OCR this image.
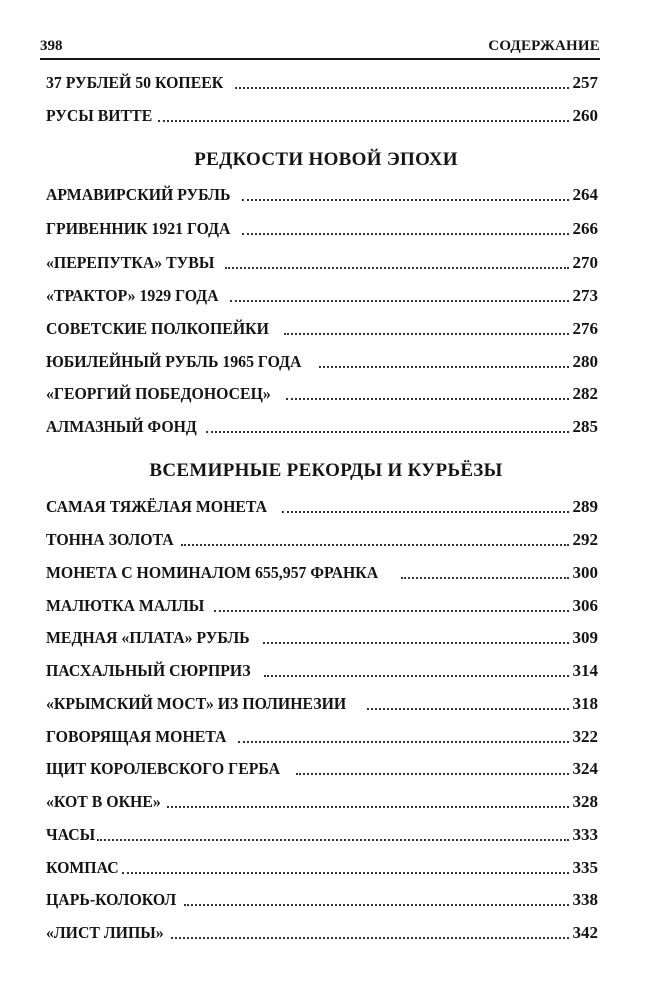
398	СОДЕРЖАНИЕ
37 РУБЛЕЙ 50 КОПЕЕК	257
РУСЫ ВИТТЕ	260
РЕДКОСТИ НОВОЙ ЭПОХИ
АРМАВИРСКИЙ РУБЛЬ	264
ГРИВЕННИК 1921 ГОДА	266
«ПЕРЕПУТКА» ТУВЫ	270
«ТРАКТОР» 1929 ГОДА	273
СОВЕТСКИЕ ПОЛКОПЕЙКИ	276
ЮБИЛЕЙНЫЙ РУБЛЬ 1965 ГОДА	280
«ГЕОРГИЙ ПОБЕДОНОСЕЦ»	282
АЛМАЗНЫЙ ФОНД	285
ВСЕМИРНЫЕ РЕКОРДЫ И КУРЬЁЗЫ
САМАЯ ТЯЖЁЛАЯ МОНЕТА	289
ТОННА ЗОЛОТА	292
МОНЕТА С НОМИНАЛОМ 655,957 ФРАНКА	300
МАЛЮТКА МАЛЛЫ	306
МЕДНАЯ «ПЛАТА» РУБЛЬ	309
ПАСХАЛЬНЫЙ СЮРПРИЗ	314
«КРЫМСКИЙ МОСТ» ИЗ ПОЛИНЕЗИИ	318
ГОВОРЯЩАЯ МОНЕТА	322
ЩИТ КОРОЛЕВСКОГО ГЕРБА	324
«КОТ В ОКНЕ»	328
ЧАСЫ	333
КОМПАС	335
ЦАРЬ-КОЛОКОЛ	338
«ЛИСТ ЛИПЫ»	342
